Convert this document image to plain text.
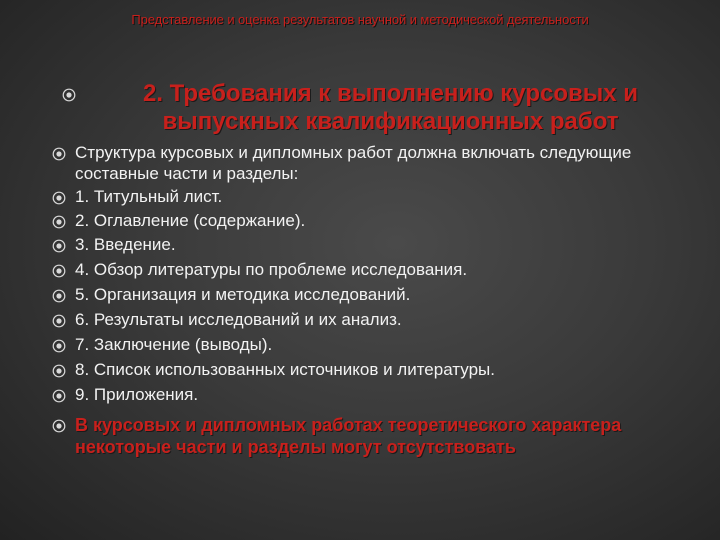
Представление и оценка результатов научной и методической деятельности
2. Требования к выполнению курсовых и выпускных квалификационных работ
Структура курсовых и дипломных работ должна включать следующие составные части и разделы:
1. Титульный лист.
2. Оглавление (содержание).
3. Введение.
4. Обзор литературы по проблеме исследования.
5. Организация и методика исследований.
6. Результаты исследований и их анализ.
7. Заключение (выводы).
8. Список использованных источников и литературы.
9. Приложения.
В курсовых и дипломных работах теоретического характера некоторые части и разделы могут отсутствовать
